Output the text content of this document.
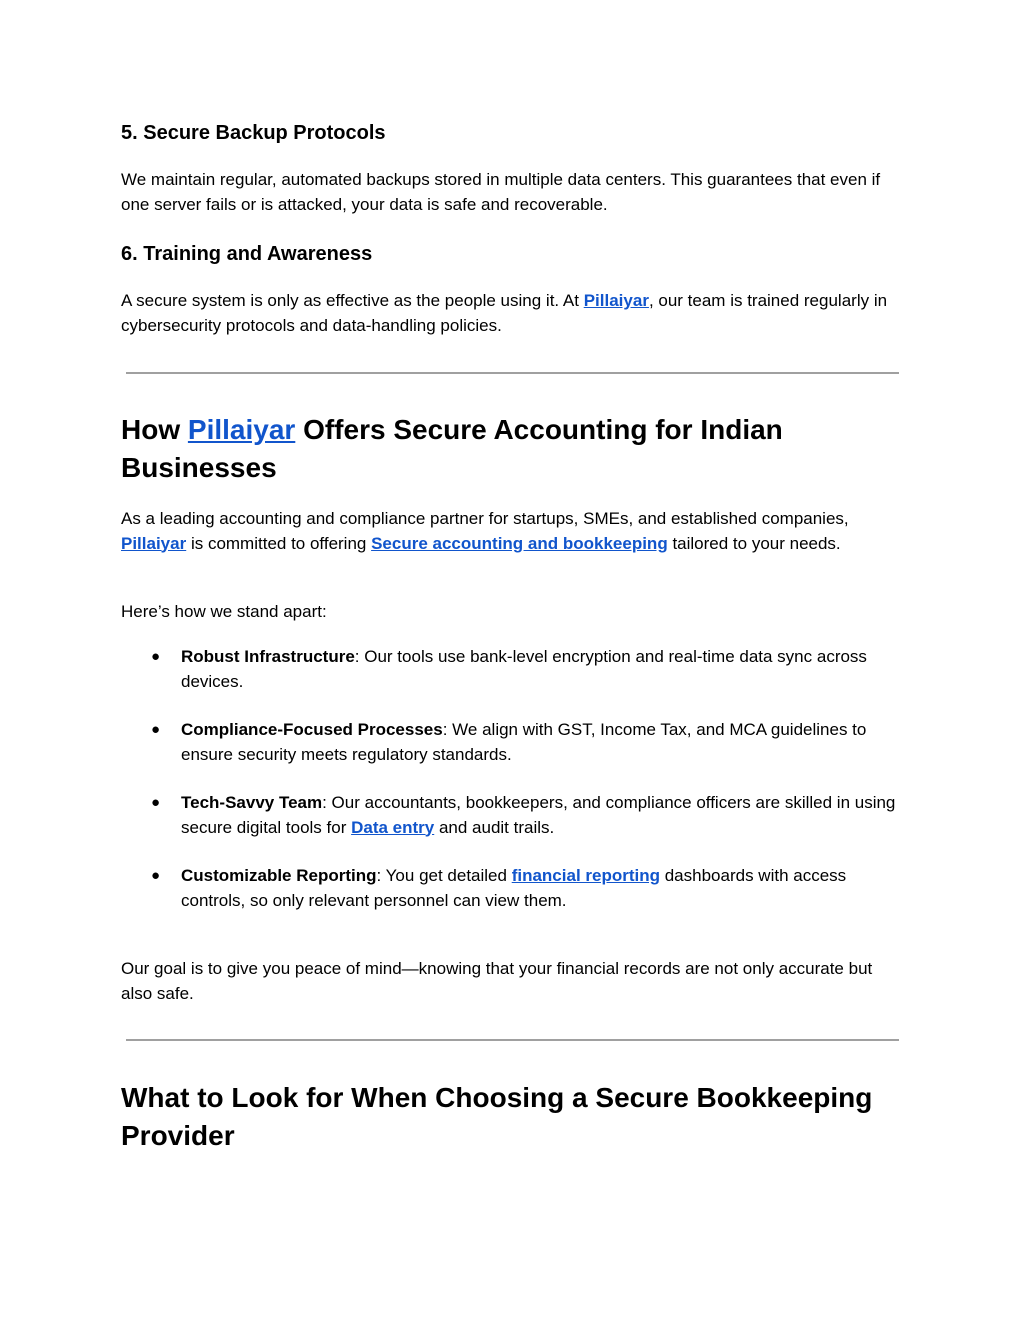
5. Secure Backup Protocols

We maintain regular, automated backups stored in multiple data centers. This guarantees that even if one server fails or is attacked, your data is safe and recoverable.

6. Training and Awareness

A secure system is only as effective as the people using it. At Pillaiyar, our team is trained regularly in cybersecurity protocols and data-handling policies.

How Pillaiyar Offers Secure Accounting for Indian Businesses

As a leading accounting and compliance partner for startups, SMEs, and established companies, Pillaiyar is committed to offering Secure accounting and bookkeeping tailored to your needs.

Here’s how we stand apart:

● Robust Infrastructure: Our tools use bank-level encryption and real-time data sync across devices.
● Compliance-Focused Processes: We align with GST, Income Tax, and MCA guidelines to ensure security meets regulatory standards.
● Tech-Savvy Team: Our accountants, bookkeepers, and compliance officers are skilled in using secure digital tools for Data entry and audit trails.
● Customizable Reporting: You get detailed financial reporting dashboards with access controls, so only relevant personnel can view them.

Our goal is to give you peace of mind—knowing that your financial records are not only accurate but also safe.

What to Look for When Choosing a Secure Bookkeeping Provider
